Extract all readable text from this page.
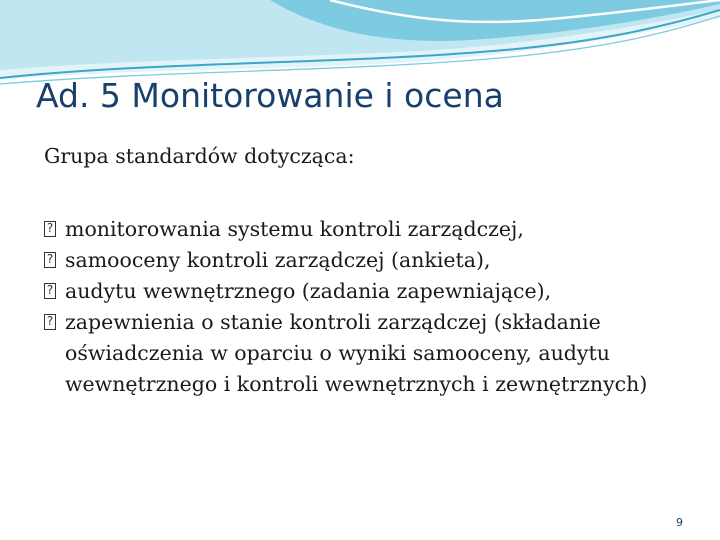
Ad. 5 Monitorowanie i ocena
Grupa standardów dotycząca:
? monitorowania systemu kontroli zarządczej,
? samooceny kontroli zarządczej (ankieta),
? audytu wewnętrznego (zadania zapewniające),
? zapewnienia o stanie kontroli zarządczej (składanie oświadczenia w oparciu o wyniki samooceny, audytu wewnętrznego i kontroli wewnętrznych i zewnętrznych)
9
